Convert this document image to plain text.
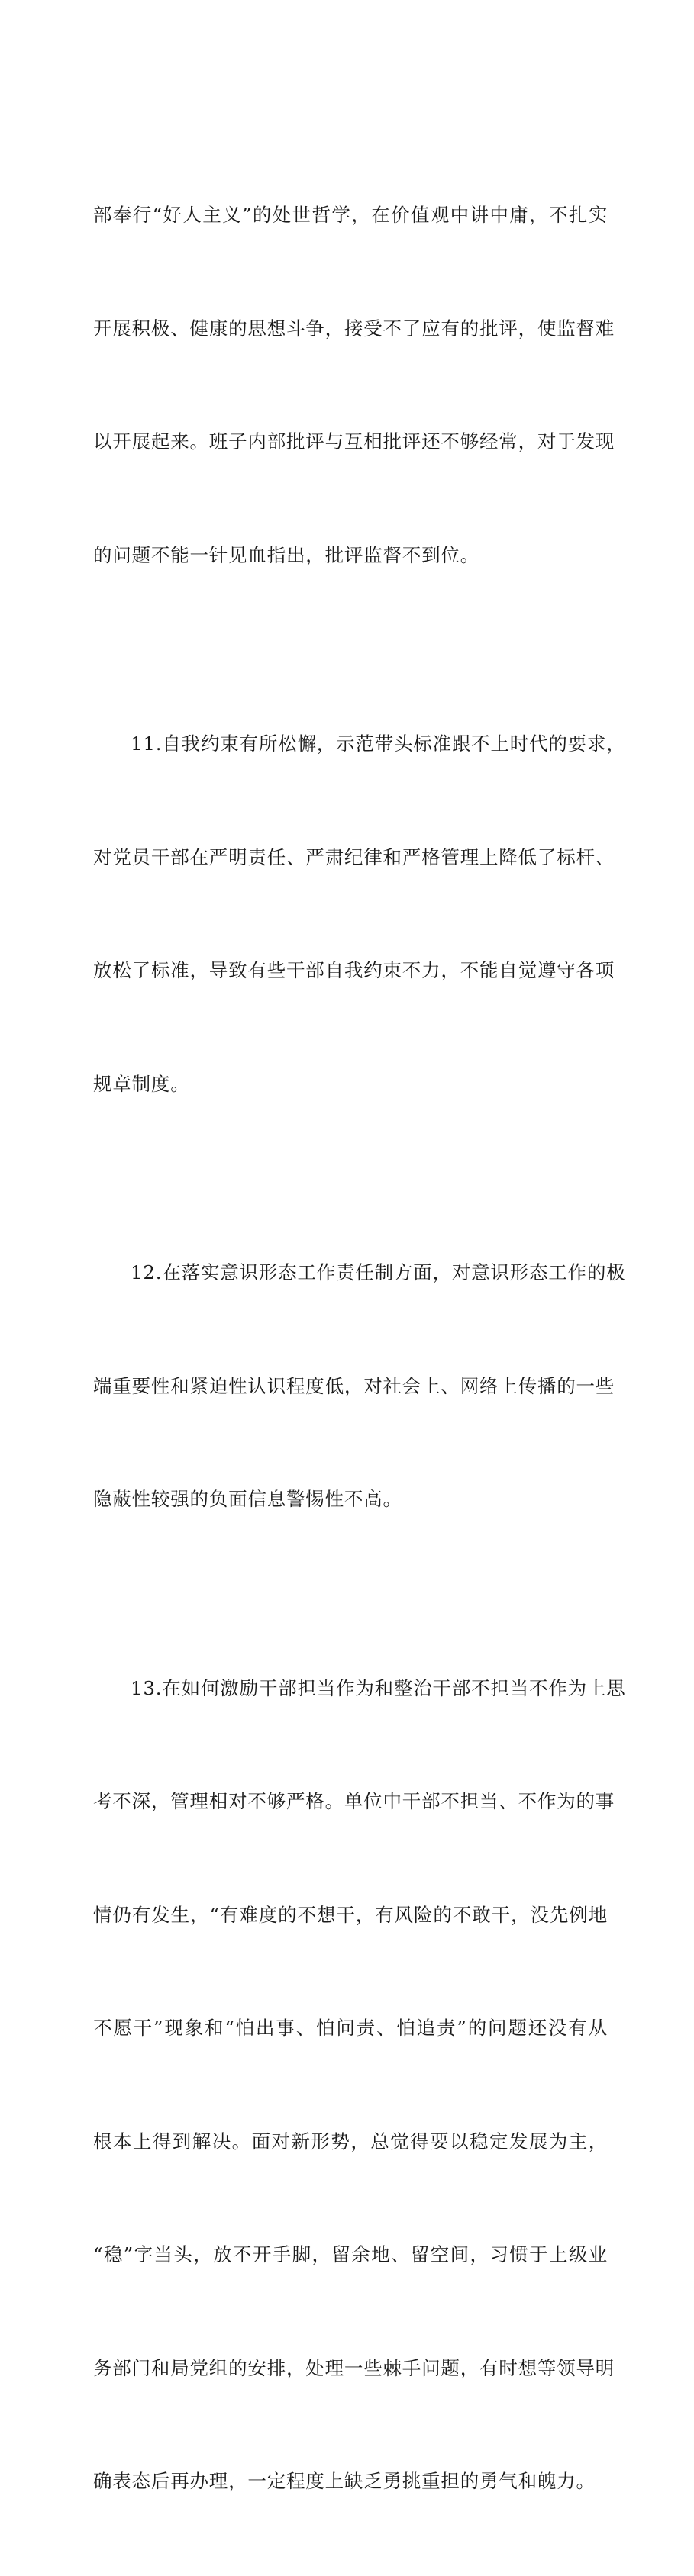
部奉行“好人主义”的处世哲学，在价值观中讲中庸，不扎实

开展积极、健康的思想斗争，接受不了应有的批评，使监督难

以开展起来。班子内部批评与互相批评还不够经常，对于发现

的问题不能一针见血指出，批评监督不到位。

11.自我约束有所松懈，示范带头标准跟不上时代的要求，

对党员干部在严明责任、严肃纪律和严格管理上降低了标杆、

放松了标准，导致有些干部自我约束不力，不能自觉遵守各项

规章制度。

12.在落实意识形态工作责任制方面，对意识形态工作的极

端重要性和紧迫性认识程度低，对社会上、网络上传播的一些

隐蔽性较强的负面信息警惕性不高。

13.在如何激励干部担当作为和整治干部不担当不作为上思

考不深，管理相对不够严格。单位中干部不担当、不作为的事

情仍有发生，“有难度的不想干，有风险的不敢干，没先例地

不愿干”现象和“怕出事、怕问责、怕追责”的问题还没有从

根本上得到解决。面对新形势，总觉得要以稳定发展为主，

“稳”字当头，放不开手脚，留余地、留空间，习惯于上级业

务部门和局党组的安排，处理一些棘手问题，有时想等领导明

确表态后再办理，一定程度上缺乏勇挑重担的勇气和魄力。
